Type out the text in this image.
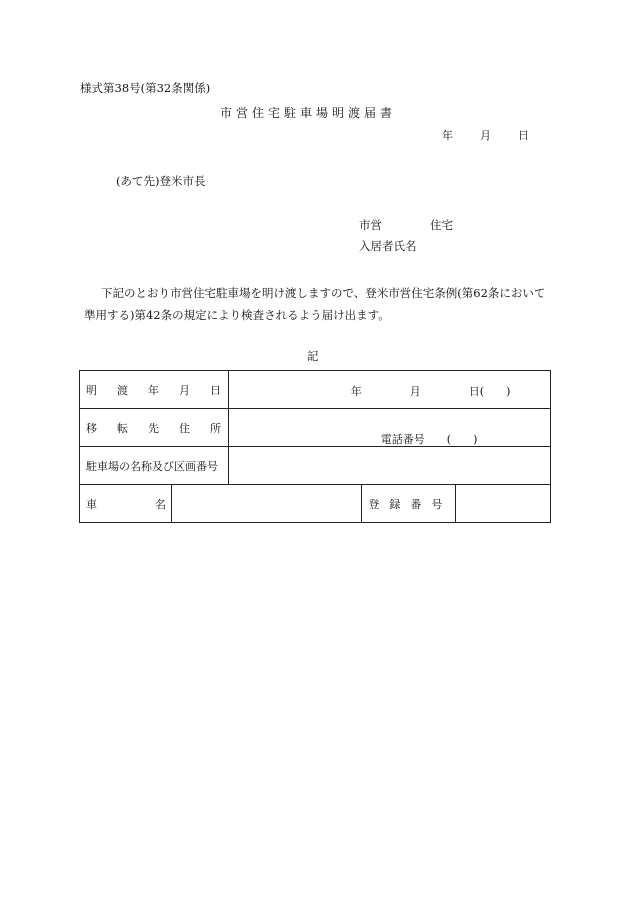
様式第38号(第32条関係)
市営住宅駐車場明渡届書
年 月 日
(あて先)登米市長
市営	住宅
入居者氏名
下記のとおり市営住宅駐車場を明け渡しますので、登米市営住宅条例(第62条において
準用する)第42条の規定により検査されるよう届け出ます。
記
明 渡 年 月 日		年 月 日(　　)		

移 転 先 住 所		電話番号　　(　　)		

駐車場の名称及び区画番号				
車 名			登 録 番 号	
